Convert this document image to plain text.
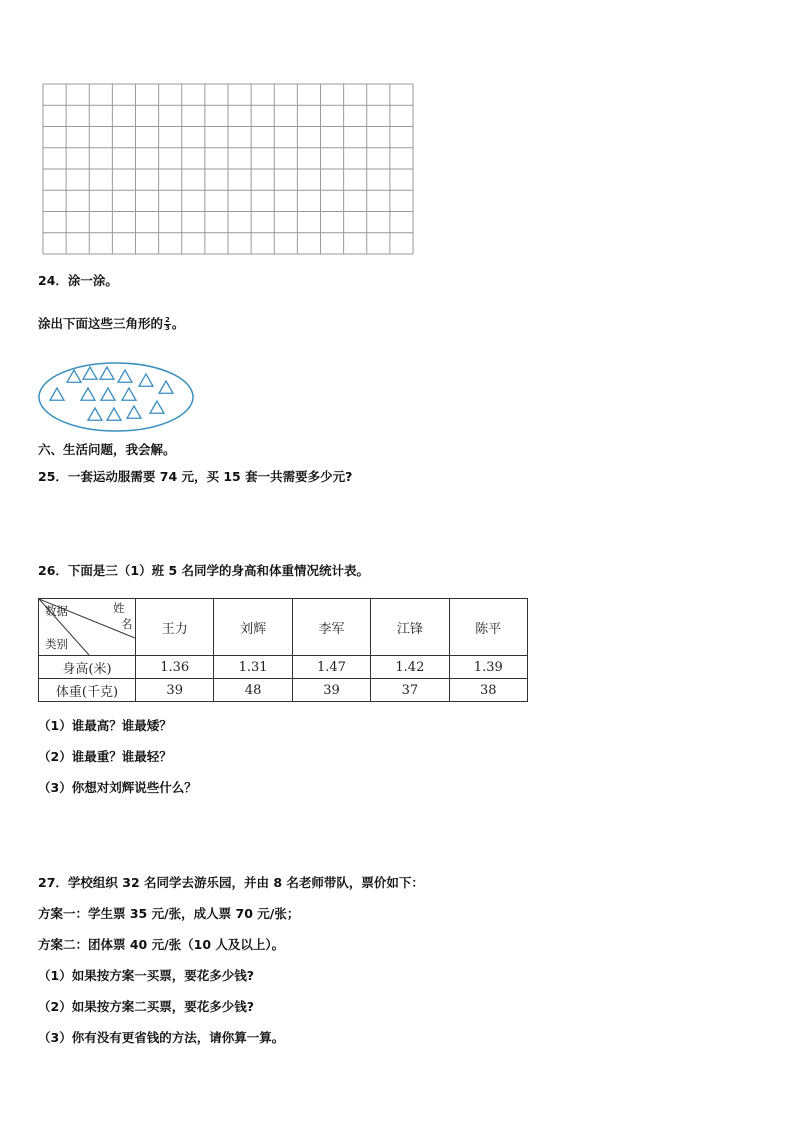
24．涂一涂。
涂出下面这些三角形的 $\frac{2}{3}$ 。
六、生活问题，我会解。
25．一套运动服需要 74 元，买 15 套一共需要多少元?
26．下面是三（1）班 5 名同学的身高和体重情况统计表。
数据 姓
名
类别	王力	刘辉	李军	江锋	陈平
身高(米)	1.36	1.31	1.47	1.42	1.39
体重(千克)	39	48	39	37	38
（1）谁最高？谁最矮？
（2）谁最重？谁最轻？
（3）你想对刘辉说些什么？
27．学校组织 32 名同学去游乐园，并由 8 名老师带队，票价如下：
方案一：学生票 35 元/张，成人票 70 元/张；
方案二：团体票 40 元/张（10 人及以上）。
（1）如果按方案一买票，要花多少钱?
（2）如果按方案二买票，要花多少钱?
（3）你有没有更省钱的方法，请你算一算。
